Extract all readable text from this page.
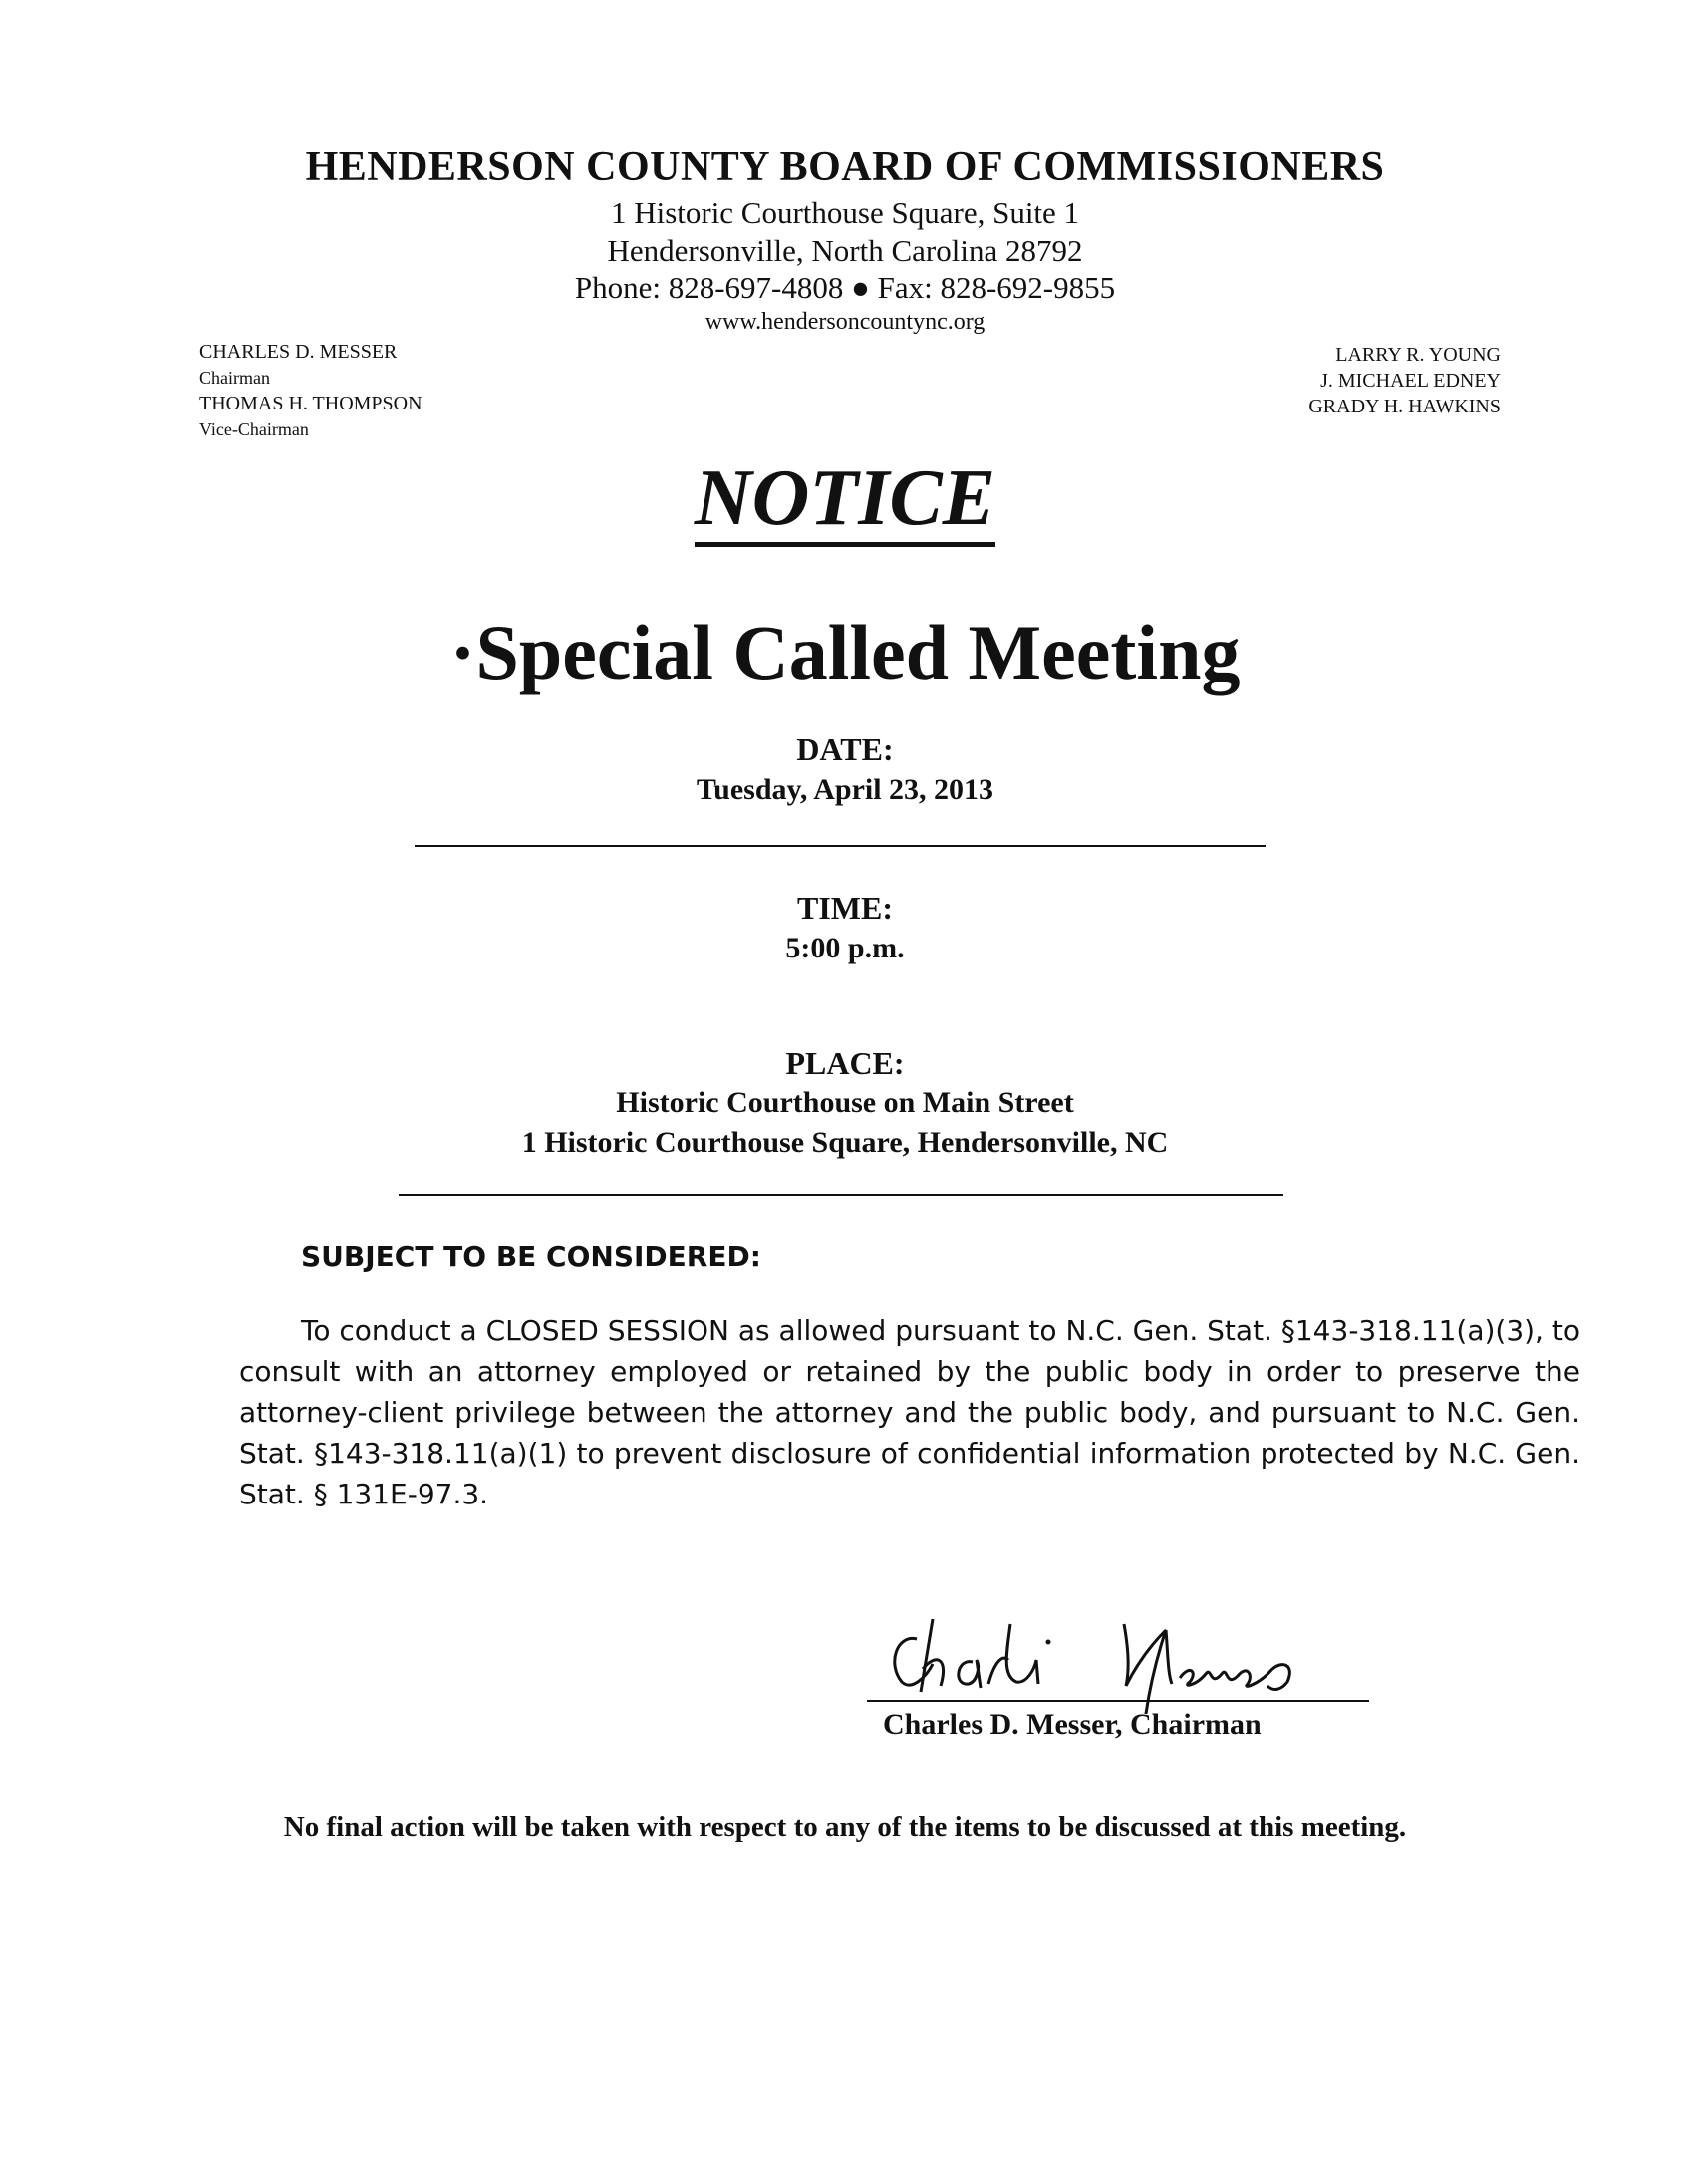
HENDERSON COUNTY BOARD OF COMMISSIONERS
1 Historic Courthouse Square, Suite 1
Hendersonville, North Carolina 28792
Phone: 828-697-4808 ● Fax: 828-692-9855
www.hendersoncountync.org
CHARLES D. MESSER
Chairman
THOMAS H. THOMPSON
Vice-Chairman
LARRY R. YOUNG
J. MICHAEL EDNEY
GRADY H. HAWKINS
NOTICE
·Special Called Meeting
DATE:
Tuesday, April 23, 2013
TIME:
5:00 p.m.
PLACE:
Historic Courthouse on Main Street
1 Historic Courthouse Square, Hendersonville, NC
SUBJECT TO BE CONSIDERED:
To conduct a CLOSED SESSION as allowed pursuant to N.C. Gen. Stat. §143-318.11(a)(3), to consult with an attorney employed or retained by the public body in order to preserve the attorney-client privilege between the attorney and the public body, and pursuant to N.C. Gen. Stat. §143-318.11(a)(1) to prevent disclosure of confidential information protected by N.C. Gen. Stat. § 131E-97.3.
Charles D. Messer, Chairman
No final action will be taken with respect to any of the items to be discussed at this meeting.
